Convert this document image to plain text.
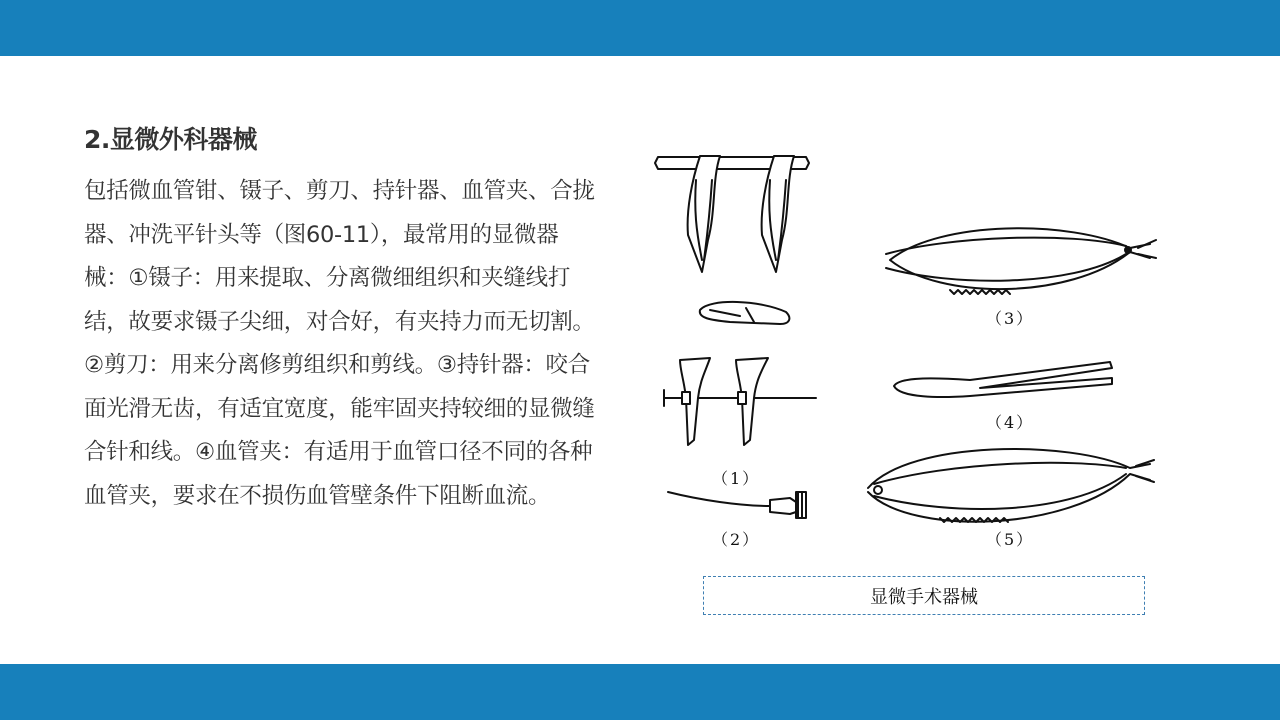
2.显微外科器械
包括微血管钳、镊子、剪刀、持针器、血管夹、合拢器、冲洗平针头等（图60-11），最常用的显微器械：①镊子：用来提取、分离微细组织和夹缝线打结，故要求镊子尖细，对合好，有夹持力而无切割。②剪刀：用来分离修剪组织和剪线。③持针器：咬合面光滑无齿，有适宜宽度，能牢固夹持较细的显微缝合针和线。④血管夹：有适用于血管口径不同的各种血管夹，要求在不损伤血管壁条件下阻断血流。
（3）
（4）
（1）
（2）	（5）
显微手术器械
